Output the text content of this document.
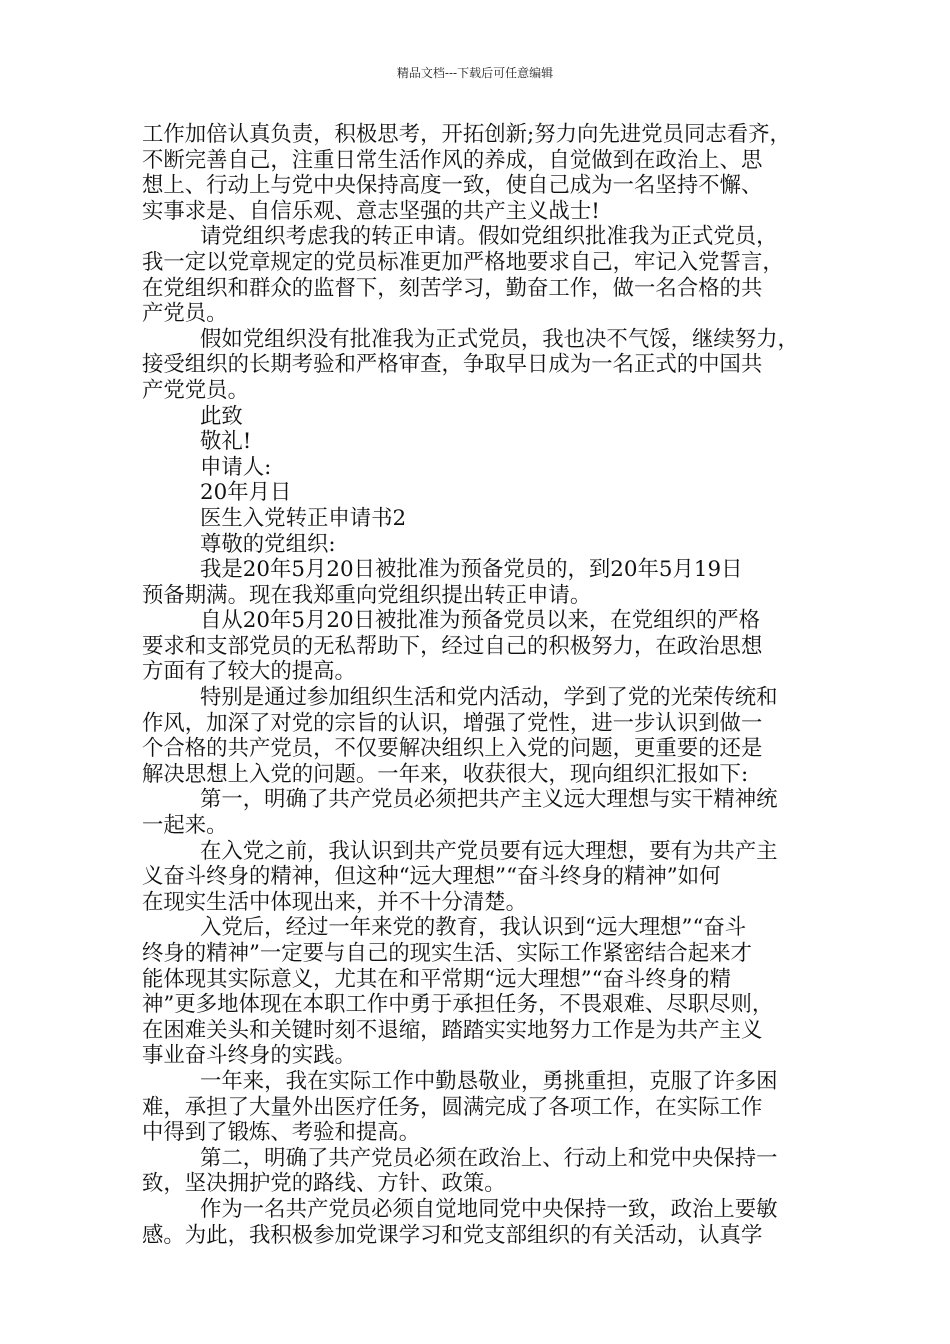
精品文档---下载后可任意编辑
工作加倍认真负责，积极思考，开拓创新;努力向先进党员同志看齐，
不断完善自己，注重日常生活作风的养成，自觉做到在政治上、思
想上、行动上与党中央保持高度一致，使自己成为一名坚持不懈、
实事求是、自信乐观、意志坚强的共产主义战士!
请党组织考虑我的转正申请。假如党组织批准我为正式党员，
我一定以党章规定的党员标准更加严格地要求自己，牢记入党誓言，
在党组织和群众的监督下，刻苦学习，勤奋工作，做一名合格的共
产党员。
假如党组织没有批准我为正式党员，我也决不气馁，继续努力，
接受组织的长期考验和严格审查，争取早日成为一名正式的中国共
产党党员。
此致
敬礼!
申请人:
20年月日
医生入党转正申请书2
尊敬的党组织:
我是20年5月20日被批准为预备党员的，到20年5月19日
预备期满。现在我郑重向党组织提出转正申请。
自从20年5月20日被批准为预备党员以来，在党组织的严格
要求和支部党员的无私帮助下，经过自己的积极努力，在政治思想
方面有了较大的提高。
特别是通过参加组织生活和党内活动，学到了党的光荣传统和
作风，加深了对党的宗旨的认识，增强了党性，进一步认识到做一
个合格的共产党员，不仅要解决组织上入党的问题，更重要的还是
解决思想上入党的问题。一年来，收获很大，现向组织汇报如下:
第一，明确了共产党员必须把共产主义远大理想与实干精神统
一起来。
在入党之前，我认识到共产党员要有远大理想，要有为共产主
义奋斗终身的精神，但这种“远大理想”“奋斗终身的精神”如何
在现实生活中体现出来，并不十分清楚。
入党后，经过一年来党的教育，我认识到“远大理想”“奋斗
终身的精神”一定要与自己的现实生活、实际工作紧密结合起来才
能体现其实际意义，尤其在和平常期“远大理想”“奋斗终身的精
神”更多地体现在本职工作中勇于承担任务，不畏艰难、尽职尽则，
在困难关头和关键时刻不退缩，踏踏实实地努力工作是为共产主义
事业奋斗终身的实践。
一年来，我在实际工作中勤恳敬业，勇挑重担，克服了许多困
难，承担了大量外出医疗任务，圆满完成了各项工作，在实际工作
中得到了锻炼、考验和提高。
第二，明确了共产党员必须在政治上、行动上和党中央保持一
致，坚决拥护党的路线、方针、政策。
作为一名共产党员必须自觉地同党中央保持一致，政治上要敏
感。为此，我积极参加党课学习和党支部组织的有关活动，认真学
